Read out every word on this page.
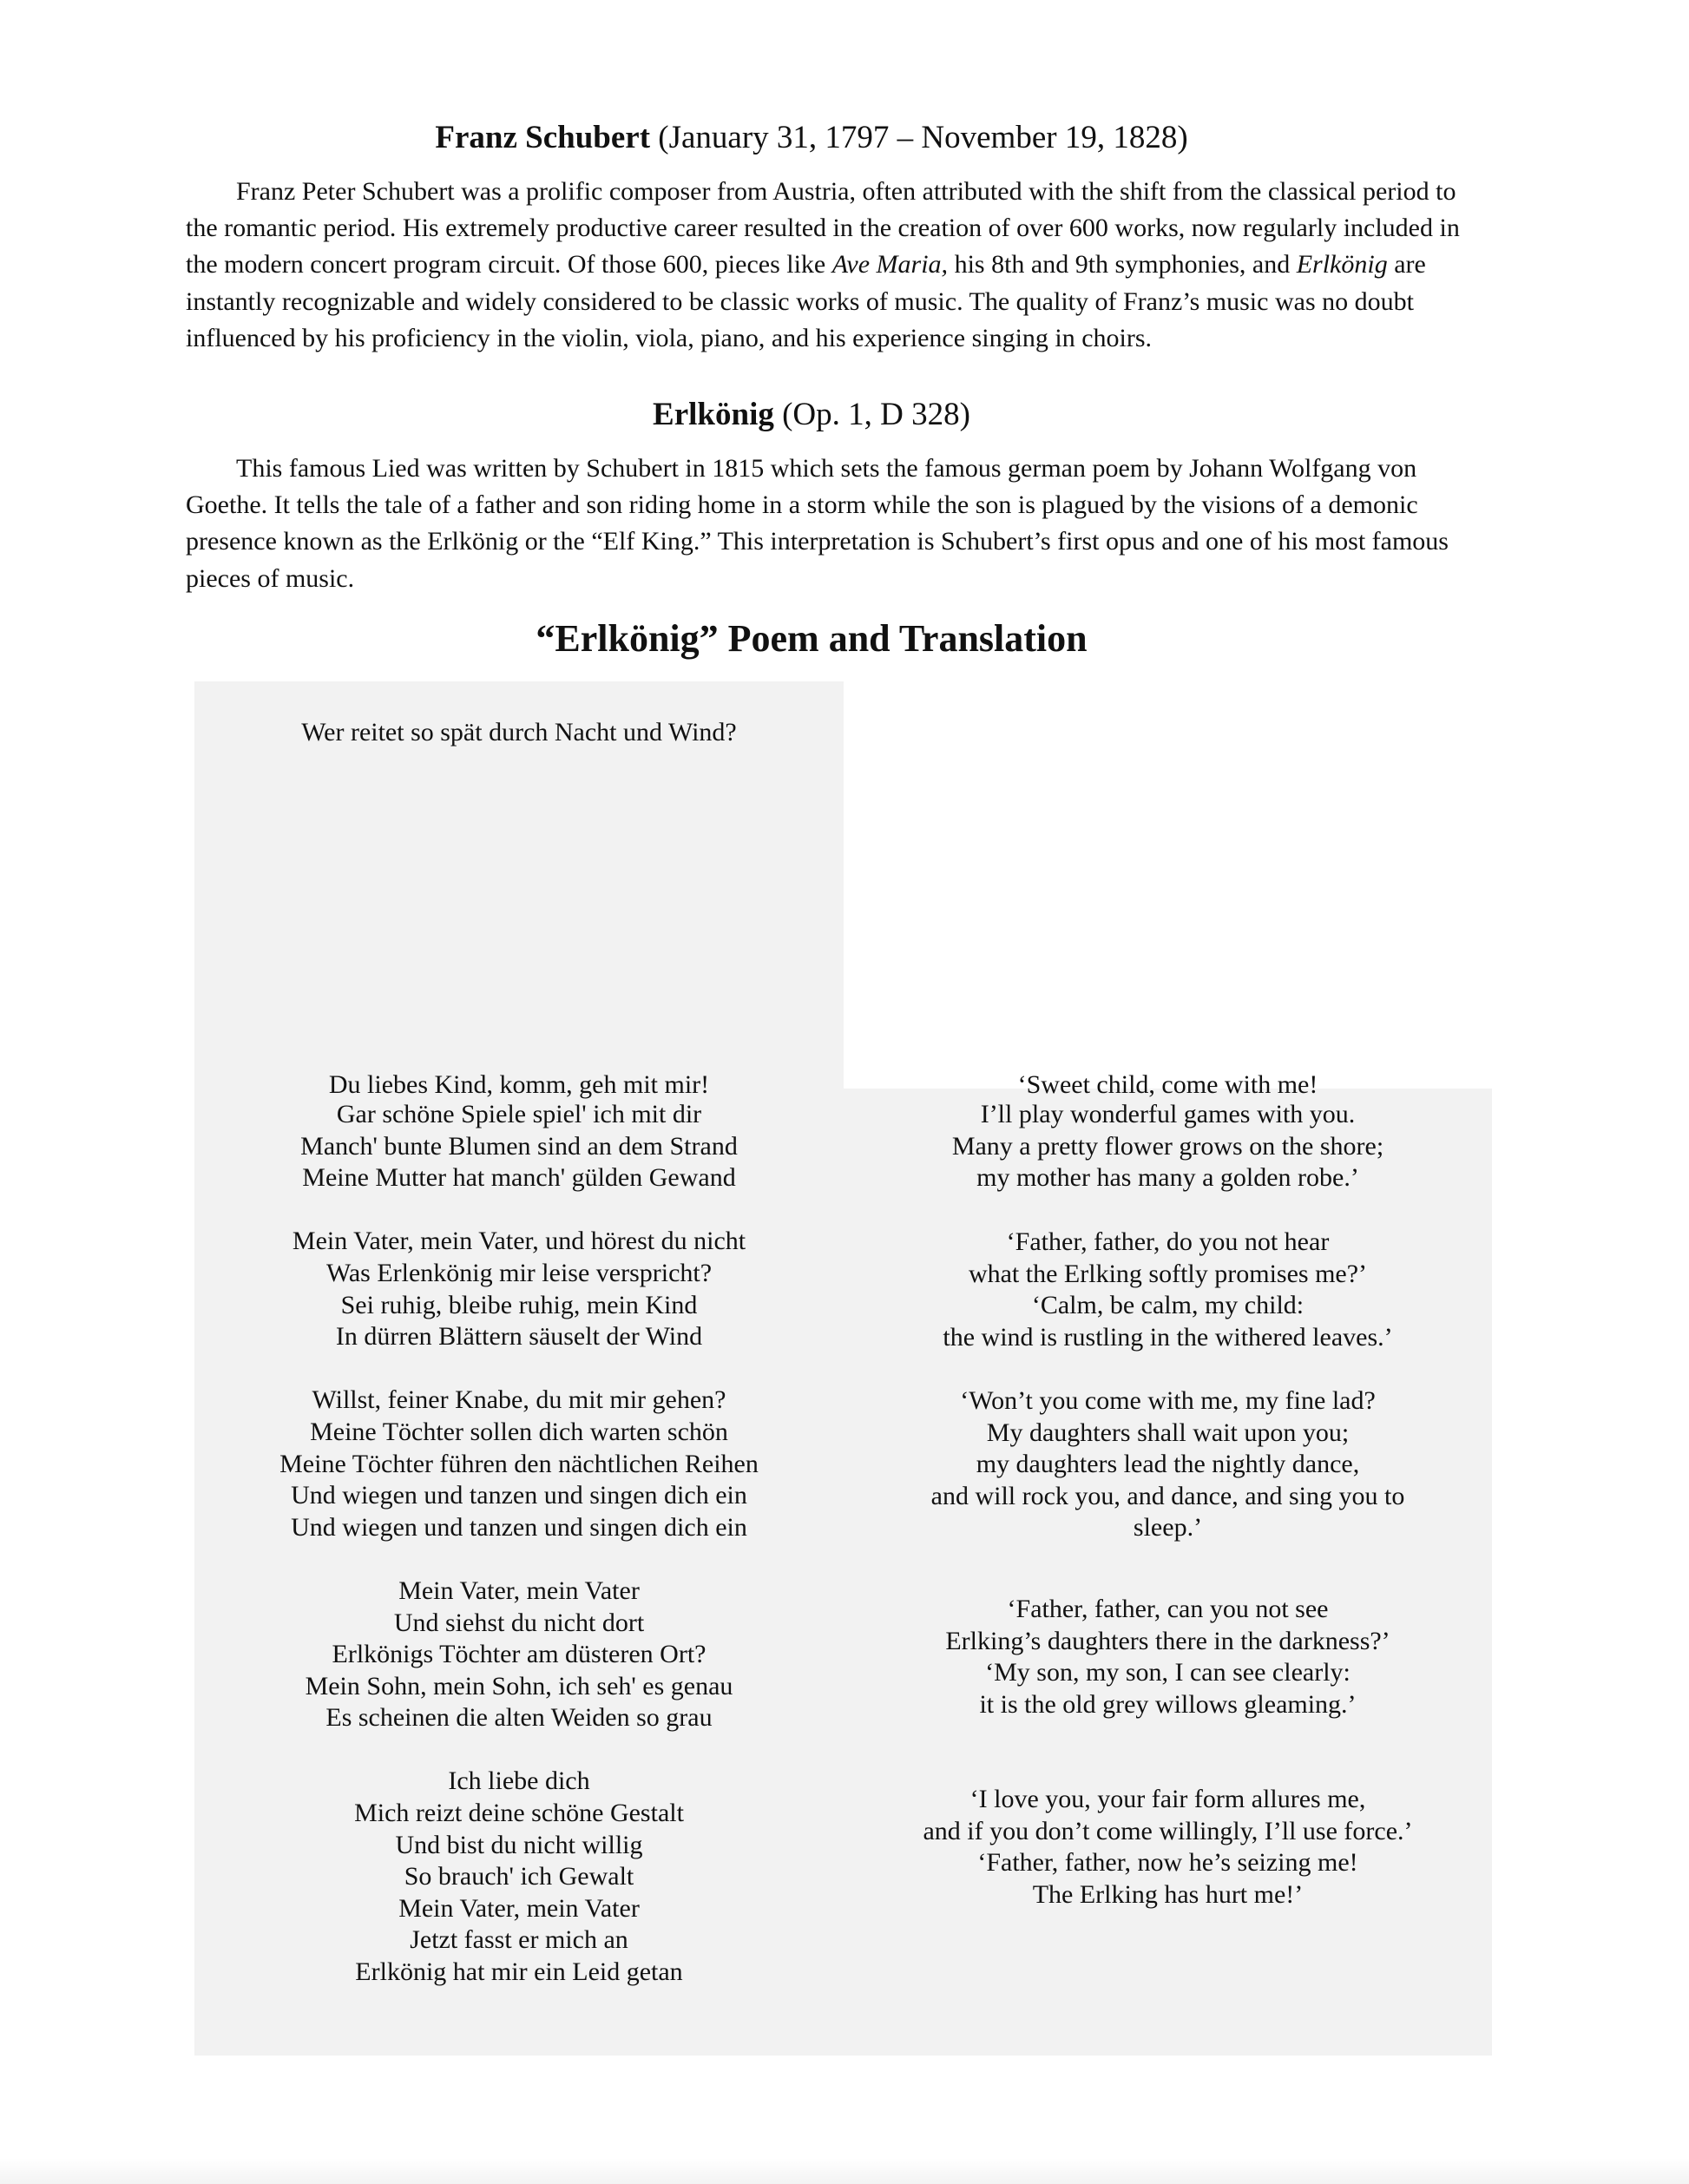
Franz Schubert (January 31, 1797 – November 19, 1828)

Franz Peter Schubert was a prolific composer from Austria, often attributed with the shift from the classical period to the romantic period. His extremely productive career resulted in the creation of over 600 works, now regularly included in the modern concert program circuit. Of those 600, pieces like Ave Maria, his 8th and 9th symphonies, and Erlkönig are instantly recognizable and widely considered to be classic works of music. The quality of Franz’s music was no doubt influenced by his proficiency in the violin, viola, piano, and his experience singing in choirs.

Erlkönig (Op. 1, D 328)

This famous Lied was written by Schubert in 1815 which sets the famous german poem by Johann Wolfgang von Goethe. It tells the tale of a father and son riding home in a storm while the son is plagued by the visions of a demonic presence known as the Erlkönig or the “Elf King.” This interpretation is Schubert’s first opus and one of his most famous pieces of music.

“Erlkönig” Poem and Translation
Wer reitet so spät durch Nacht und Wind?
Du liebes Kind, komm, geh mit mir!	‘Sweet child, come with me!
Gar schöne Spiele spiel' ich mit dir
Manch' bunte Blumen sind an dem Strand
Meine Mutter hat manch' gülden Gewand
Mein Vater, mein Vater, und hörest du nicht
Was Erlenkönig mir leise verspricht?
Sei ruhig, bleibe ruhig, mein Kind
In dürren Blättern säuselt der Wind
Willst, feiner Knabe, du mit mir gehen?
Meine Töchter sollen dich warten schön
Meine Töchter führen den nächtlichen Reihen
Und wiegen und tanzen und singen dich ein
Und wiegen und tanzen und singen dich ein
Mein Vater, mein Vater
Und siehst du nicht dort
Erlkönigs Töchter am düsteren Ort?
Mein Sohn, mein Sohn, ich seh' es genau
Es scheinen die alten Weiden so grau
Ich liebe dich
Mich reizt deine schöne Gestalt
Und bist du nicht willig
So brauch' ich Gewalt
Mein Vater, mein Vater
Jetzt fasst er mich an
Erlkönig hat mir ein Leid getan
I’ll play wonderful games with you.
Many a pretty flower grows on the shore;
my mother has many a golden robe.’
‘Father, father, do you not hear
what the Erlking softly promises me?’
‘Calm, be calm, my child:
the wind is rustling in the withered leaves.’
‘Won’t you come with me, my fine lad?
My daughters shall wait upon you;
my daughters lead the nightly dance,
and will rock you, and dance, and sing you to sleep.’
‘Father, father, can you not see
Erlking’s daughters there in the darkness?’
‘My son, my son, I can see clearly:
it is the old grey willows gleaming.’
‘I love you, your fair form allures me,
and if you don’t come willingly, I’ll use force.’
‘Father, father, now he’s seizing me!
The Erlking has hurt me!’
